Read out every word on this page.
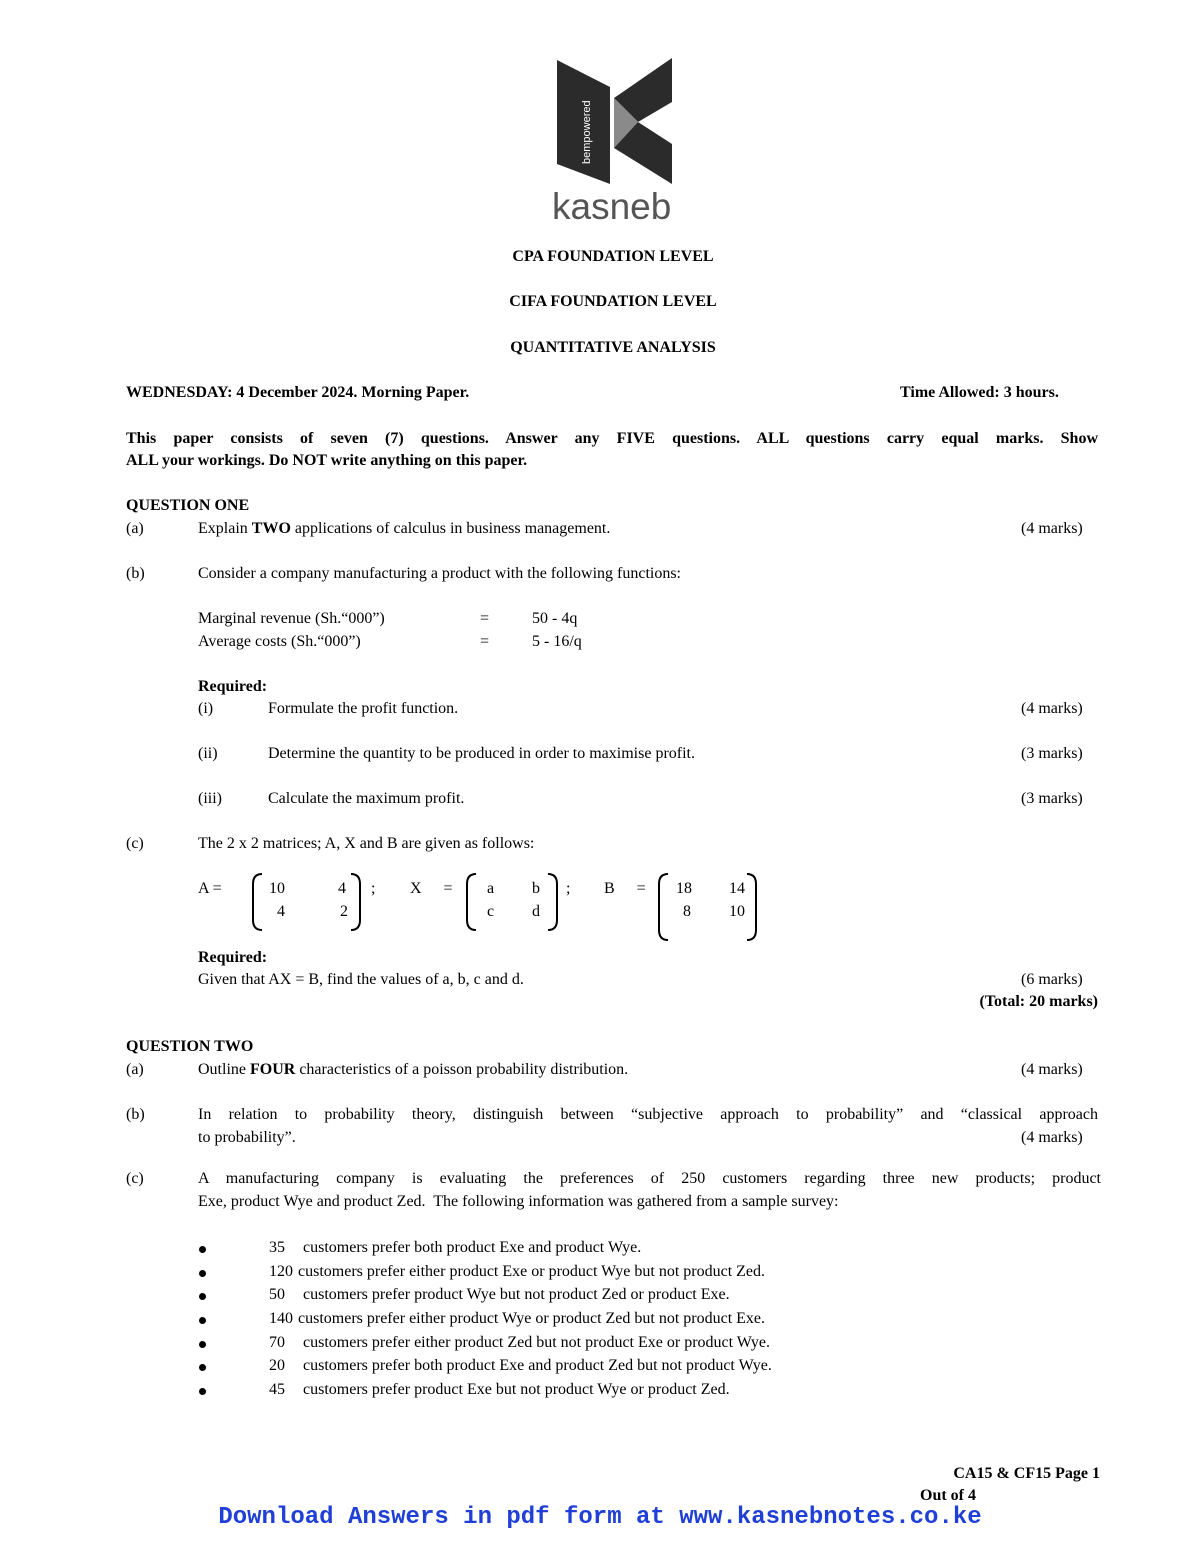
bempowered
kasneb
CPA FOUNDATION LEVEL
CIFA FOUNDATION LEVEL
QUANTITATIVE ANALYSIS
WEDNESDAY: 4 December 2024. Morning Paper.	Time Allowed: 3 hours.
This paper consists of seven (7) questions. Answer any FIVE questions. ALL questions carry equal marks. Show
ALL your workings. Do NOT write anything on this paper.
QUESTION ONE
(a)	Explain TWO applications of calculus in business management.	(4 marks)
(b)	Consider a company manufacturing a product with the following functions:
Marginal revenue (Sh.“000”)	=	50 - 4q
Average costs (Sh.“000”)	=	5 - 16/q
Required:
(i)	Formulate the profit function.	(4 marks)
(ii)	Determine the quantity to be produced in order to maximise profit.	(3 marks)
(iii)	Calculate the maximum profit.	(3 marks)
(c)	The 2 x 2 matrices; A, X and B are given as follows:
A =	10	4
4	2
; X = a b
c d
; B = 18 14
8 10
Required:
Given that AX = B, find the values of a, b, c and d.	(6 marks)
(Total: 20 marks)
QUESTION TWO
(a)	Outline FOUR characteristics of a poisson probability distribution.	(4 marks)
(b)	In relation to probability theory, distinguish between “subjective approach to probability” and “classical approach
to probability”.	(4 marks)
(c)	A manufacturing company is evaluating the preferences of 250 customers regarding three new products; product
Exe, product Wye and product Zed.  The following information was gathered from a sample survey:
35 customers prefer both product Exe and product Wye.
120 customers prefer either product Exe or product Wye but not product Zed.
50 customers prefer product Wye but not product Zed or product Exe.
140 customers prefer either product Wye or product Zed but not product Exe.
70 customers prefer either product Zed but not product Exe or product Wye.
20 customers prefer both product Exe and product Zed but not product Wye.
45 customers prefer product Exe but not product Wye or product Zed.
CA15 & CF15 Page 1
Out of 4
Download Answers in pdf form at www.kasnebnotes.co.ke
